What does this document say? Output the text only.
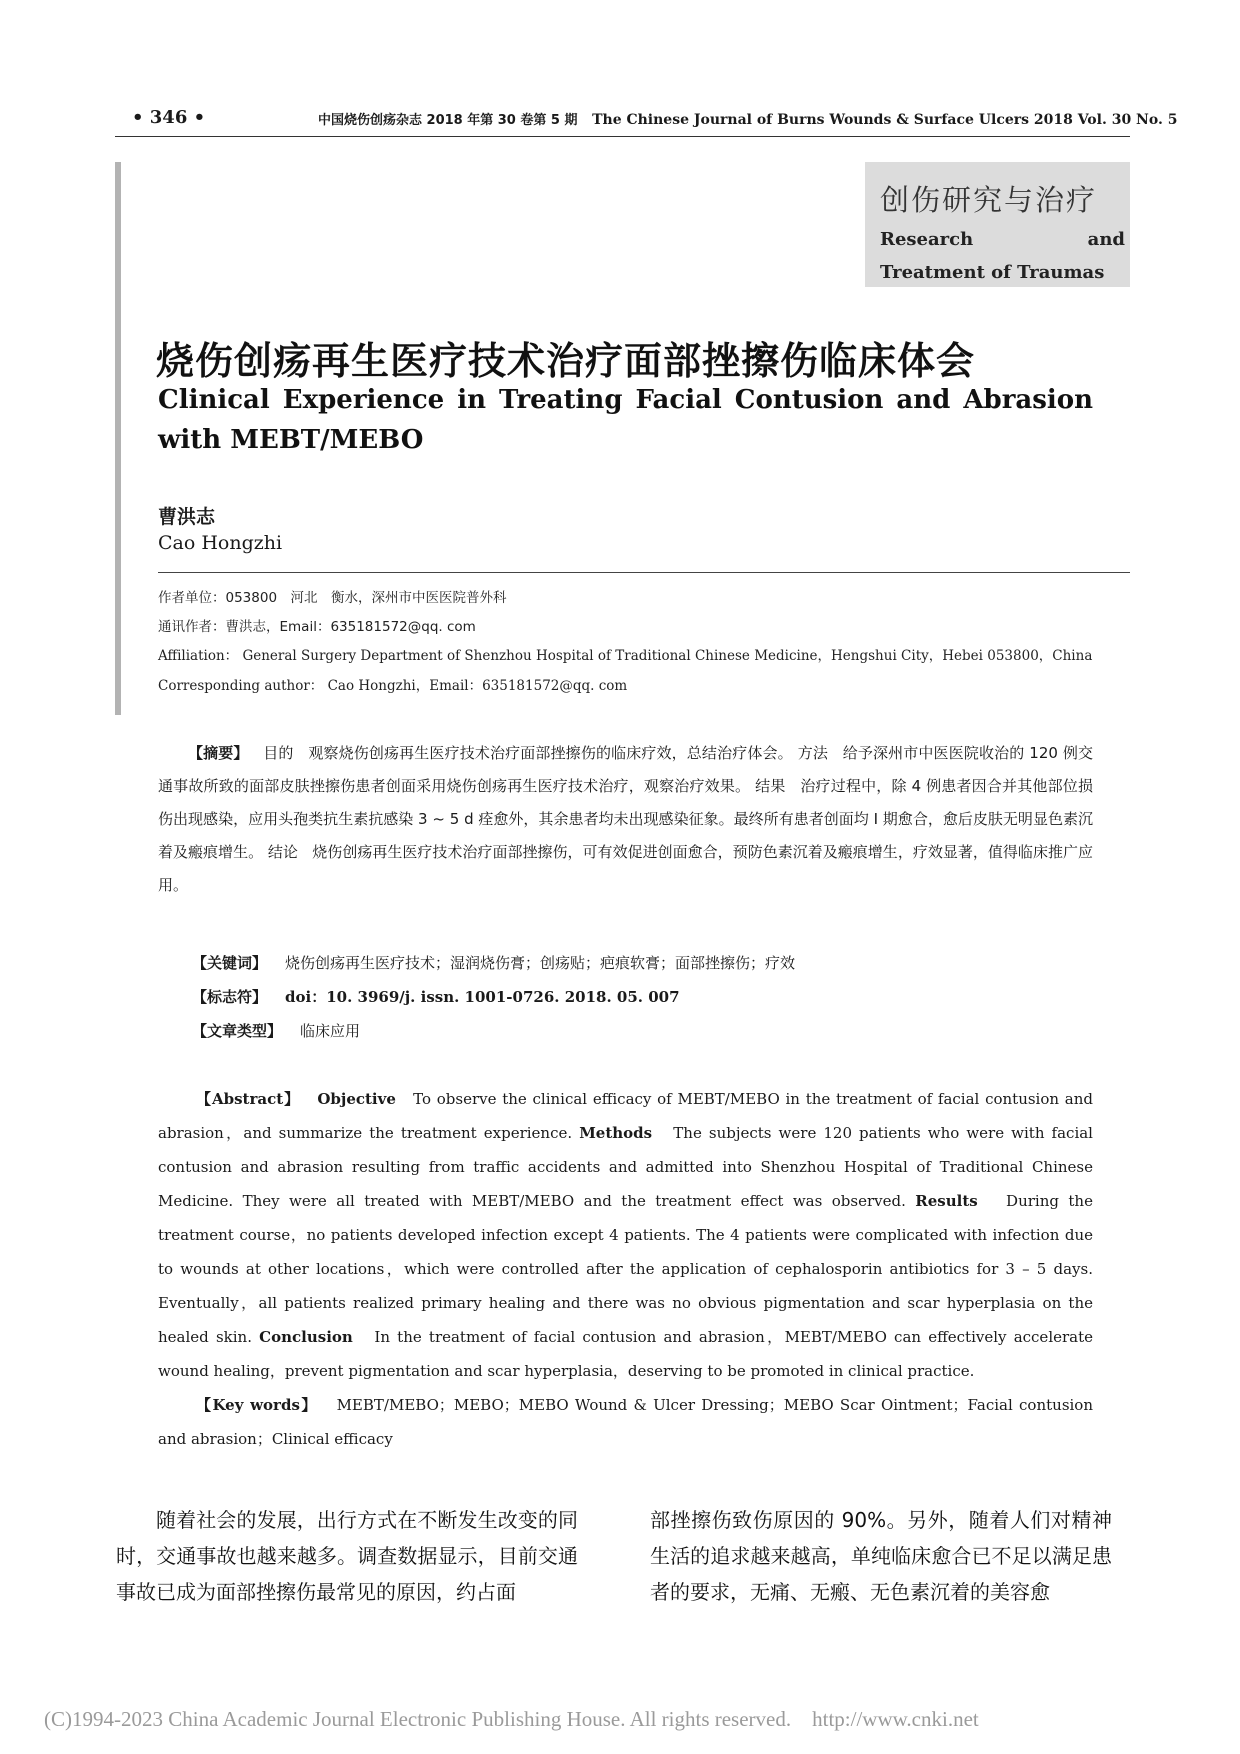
• 346 •	中国烧伤创疡杂志 2018 年第 30 卷第 5 期 The Chinese Journal of Burns Wounds & Surface Ulcers 2018 Vol. 30 No. 5
创伤研究与治疗
Research and Treatment of Traumas
烧伤创疡再生医疗技术治疗面部挫擦伤临床体会
Clinical Experience in Treating Facial Contusion and Abrasion with MEBT/MEBO
曹洪志
Cao Hongzhi
作者单位：053800　河北　衡水，深州市中医医院普外科
通讯作者：曹洪志，Email：635181572@qq. com
Affiliation： General Surgery Department of Shenzhou Hospital of Traditional Chinese Medicine，Hengshui City，Hebei 053800，China
Corresponding author： Cao Hongzhi，Email：635181572@qq. com
【摘要】 目的 观察烧伤创疡再生医疗技术治疗面部挫擦伤的临床疗效，总结治疗体会。 方法 给予深州市中医医院收治的 120 例交通事故所致的面部皮肤挫擦伤患者创面采用烧伤创疡再生医疗技术治疗，观察治疗效果。 结果 治疗过程中，除 4 例患者因合并其他部位损伤出现感染，应用头孢类抗生素抗感染 3 ~ 5 d 痊愈外，其余患者均未出现感染征象。最终所有患者创面均 Ⅰ 期愈合，愈后皮肤无明显色素沉着及瘢痕增生。 结论 烧伤创疡再生医疗技术治疗面部挫擦伤，可有效促进创面愈合，预防色素沉着及瘢痕增生，疗效显著，值得临床推广应用。
【关键词】 烧伤创疡再生医疗技术；湿润烧伤膏；创疡贴；疤痕软膏；面部挫擦伤；疗效
【标志符】 doi：10. 3969/j. issn. 1001-0726. 2018. 05. 007
【文章类型】 临床应用
【Abstract】 Objective To observe the clinical efficacy of MEBT/MEBO in the treatment of facial contusion and abrasion，and summarize the treatment experience. Methods The subjects were 120 patients who were with facial contusion and abrasion resulting from traffic accidents and admitted into Shenzhou Hospital of Traditional Chinese Medicine. They were all treated with MEBT/MEBO and the treatment effect was observed. Results During the treatment course，no patients developed infection except 4 patients. The 4 patients were complicated with infection due to wounds at other locations，which were controlled after the application of cephalosporin antibiotics for 3 – 5 days. Eventually，all patients realized primary healing and there was no obvious pigmentation and scar hyperplasia on the healed skin. Conclusion In the treatment of facial contusion and abrasion，MEBT/MEBO can effectively accelerate wound healing，prevent pigmentation and scar hyperplasia，deserving to be promoted in clinical practice.
【Key words】 MEBT/MEBO；MEBO；MEBO Wound & Ulcer Dressing；MEBO Scar Ointment；Facial contusion and abrasion；Clinical efficacy
随着社会的发展，出行方式在不断发生改变的同时，交通事故也越来越多。调查数据显示，目前交通事故已成为面部挫擦伤最常见的原因，约占面
部挫擦伤致伤原因的 90%。另外，随着人们对精神生活的追求越来越高，单纯临床愈合已不足以满足患者的要求，无痛、无瘢、无色素沉着的美容愈
(C)1994-2023 China Academic Journal Electronic Publishing House. All rights reserved.　http://www.cnki.net
